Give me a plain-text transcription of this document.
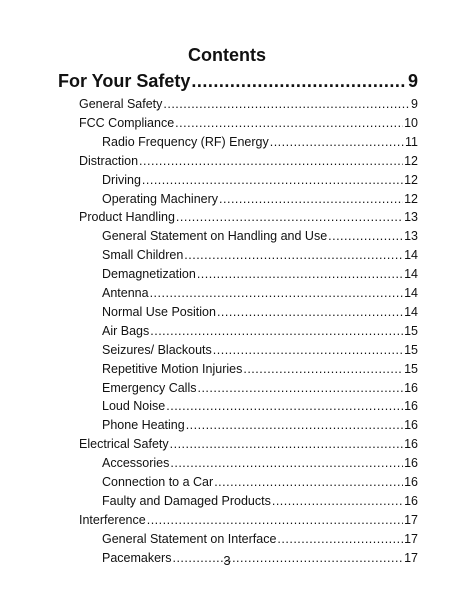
Contents
For Your Safety .....	9
General Safety .....	9
FCC Compliance .....	10
Radio Frequency (RF) Energy .....	11
Distraction .....	12
Driving .....	12
Operating Machinery .....	12
Product Handling .....	13
General Statement on Handling and Use .....	13
Small Children .....	14
Demagnetization .....	14
Antenna .....	14
Normal Use Position .....	14
Air Bags .....	15
Seizures/ Blackouts .....	15
Repetitive Motion Injuries .....	15
Emergency Calls .....	16
Loud Noise .....	16
Phone Heating .....	16
Electrical Safety .....	16
Accessories .....	16
Connection to a Car .....	16
Faulty and Damaged Products .....	16
Interference .....	17
General Statement on Interface .....	17
Pacemakers .....	17
3
